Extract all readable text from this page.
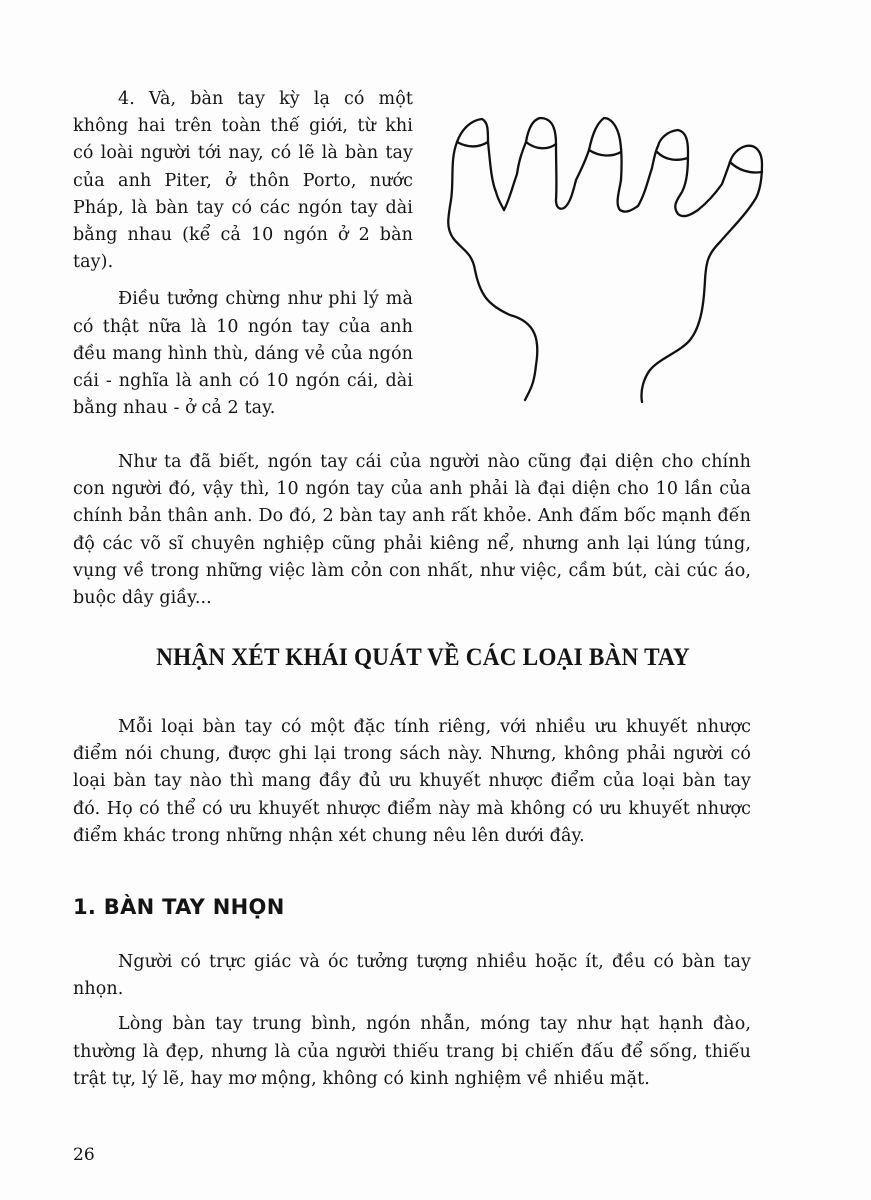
4. Và, bàn tay kỳ lạ có một không hai trên toàn thế giới, từ khi có loài người tới nay, có lẽ là bàn tay của anh Piter, ở thôn Porto, nước Pháp, là bàn tay có các ngón tay dài bằng nhau (kể cả 10 ngón ở 2 bàn tay).

Điều tưởng chừng như phi lý mà có thật nữa là 10 ngón tay của anh đều mang hình thù, dáng vẻ của ngón cái - nghĩa là anh có 10 ngón cái, dài bằng nhau - ở cả 2 tay.

Như ta đã biết, ngón tay cái của người nào cũng đại diện cho chính con người đó, vậy thì, 10 ngón tay của anh phải là đại diện cho 10 lần của chính bản thân anh. Do đó, 2 bàn tay anh rất khỏe. Anh đấm bốc mạnh đến độ các võ sĩ chuyên nghiệp cũng phải kiêng nể, nhưng anh lại lúng túng, vụng về trong những việc làm cỏn con nhất, như việc, cầm bút, cài cúc áo, buộc dây giầy...

NHẬN XÉT KHÁI QUÁT VỀ CÁC LOẠI BÀN TAY

Mỗi loại bàn tay có một đặc tính riêng, với nhiều ưu khuyết nhược điểm nói chung, được ghi lại trong sách này. Nhưng, không phải người có loại bàn tay nào thì mang đầy đủ ưu khuyết nhược điểm của loại bàn tay đó. Họ có thể có ưu khuyết nhược điểm này mà không có ưu khuyết nhược điểm khác trong những nhận xét chung nêu lên dưới đây.

1. BÀN TAY NHỌN

Người có trực giác và óc tưởng tượng nhiều hoặc ít, đều có bàn tay nhọn.

Lòng bàn tay trung bình, ngón nhẫn, móng tay như hạt hạnh đào, thường là đẹp, nhưng là của người thiếu trang bị chiến đấu để sống, thiếu trật tự, lý lẽ, hay mơ mộng, không có kinh nghiệm về nhiều mặt.

26
